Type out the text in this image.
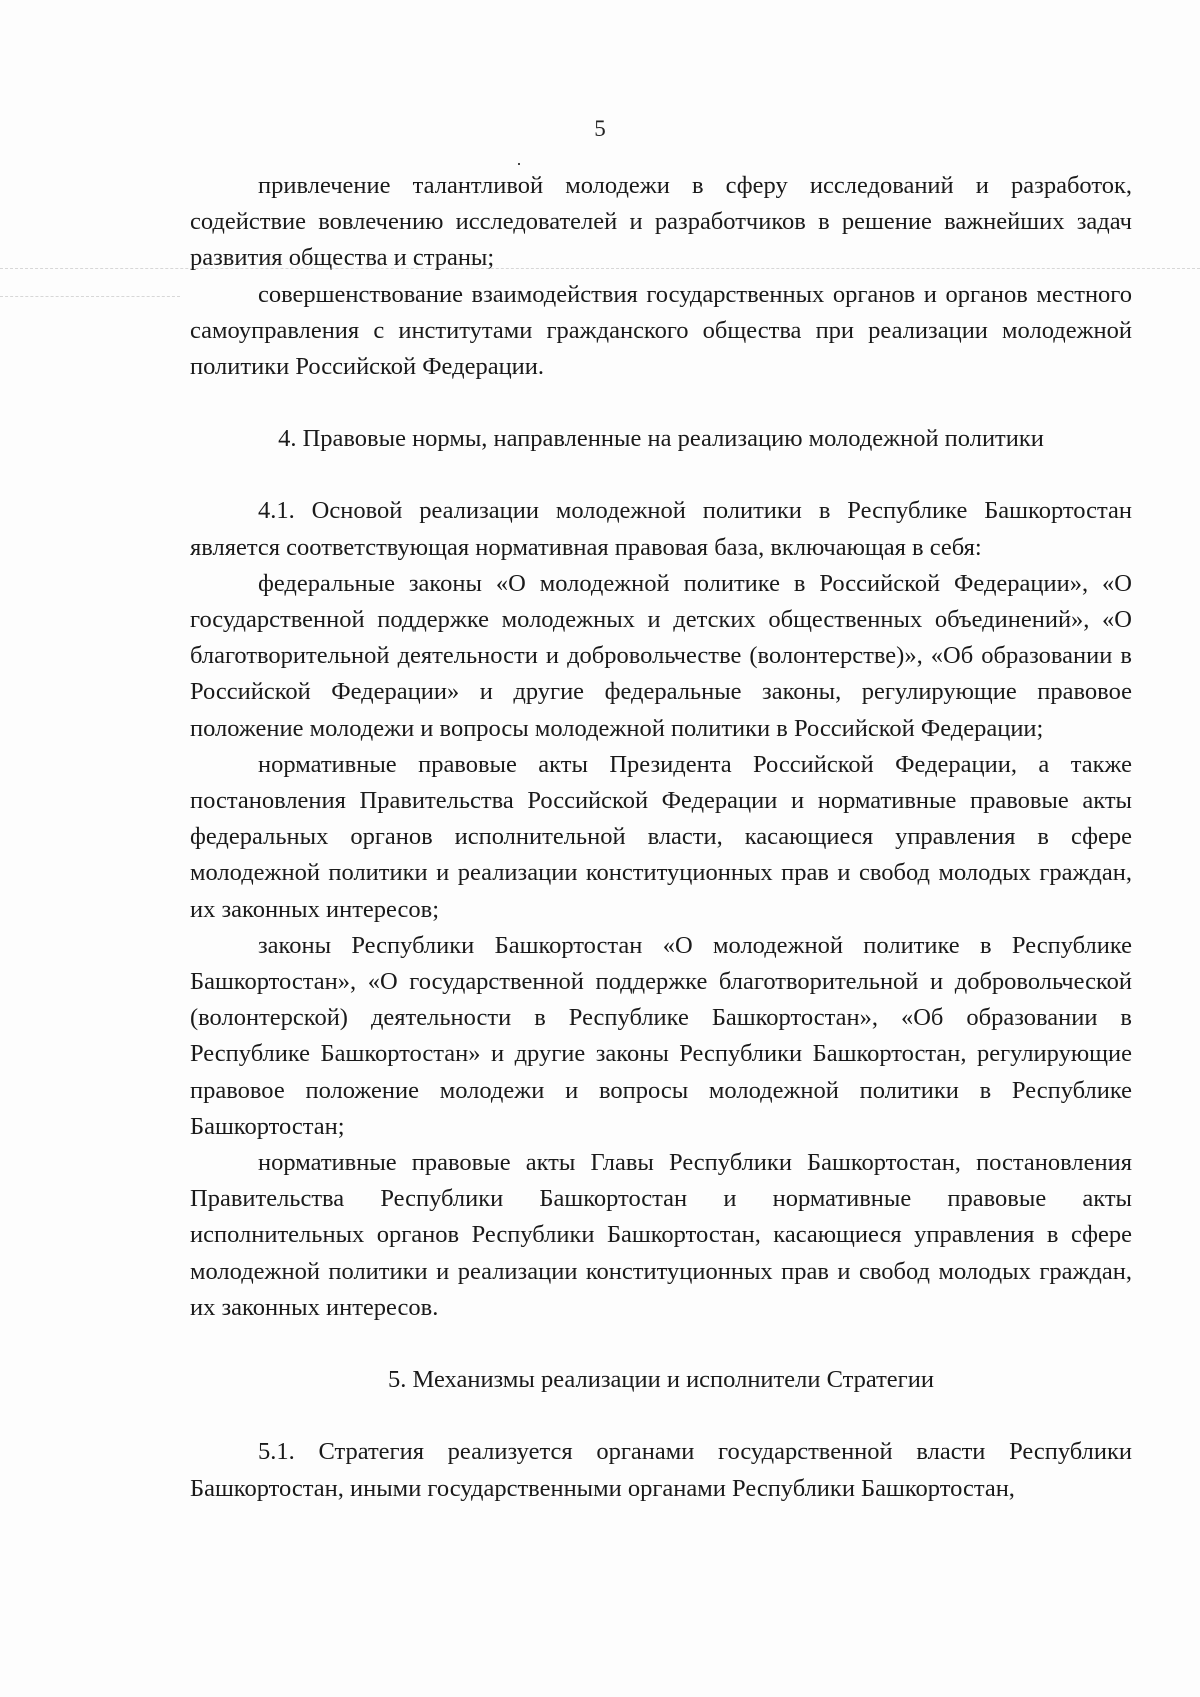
5

привлечение талантливой молодежи в сферу исследований и разработок, содействие вовлечению исследователей и разработчиков в решение важнейших задач развития общества и страны;

совершенствование взаимодействия государственных органов и органов местного самоуправления с институтами гражданского общества при реализации молодежной политики Российской Федерации.

4. Правовые нормы, направленные на реализацию молодежной политики

4.1. Основой реализации молодежной политики в Республике Башкортостан является соответствующая нормативная правовая база, включающая в себя:

федеральные законы «О молодежной политике в Российской Федерации», «О государственной поддержке молодежных и детских общественных объединений», «О благотворительной деятельности и добровольчестве (волонтерстве)», «Об образовании в Российской Федерации» и другие федеральные законы, регулирующие правовое положение молодежи и вопросы молодежной политики в Российской Федерации;

нормативные правовые акты Президента Российской Федерации, а также постановления Правительства Российской Федерации и нормативные правовые акты федеральных органов исполнительной власти, касающиеся управления в сфере молодежной политики и реализации конституционных прав и свобод молодых граждан, их законных интересов;

законы Республики Башкортостан «О молодежной политике в Республике Башкортостан», «О государственной поддержке благотворительной и добровольческой (волонтерской) деятельности в Республике Башкортостан», «Об образовании в Республике Башкортостан» и другие законы Республики Башкортостан, регулирующие правовое положение молодежи и вопросы молодежной политики в Республике Башкортостан;

нормативные правовые акты Главы Республики Башкортостан, постановления Правительства Республики Башкортостан и нормативные правовые акты исполнительных органов Республики Башкортостан, касающиеся управления в сфере молодежной политики и реализации конституционных прав и свобод молодых граждан, их законных интересов.

5. Механизмы реализации и исполнители Стратегии

5.1. Стратегия реализуется органами государственной власти Республики Башкортостан, иными государственными органами Республики Башкортостан,
